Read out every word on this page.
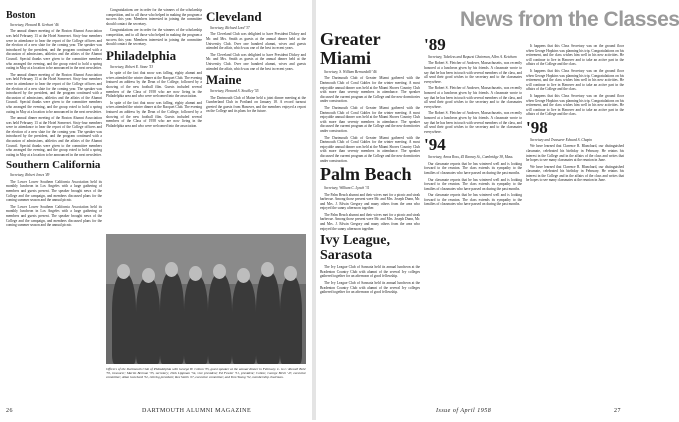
Boston

Secretary, Howard B. Gerhart '46

The annual dinner meeting of the Boston Alumni Association was held February 13 at the Hotel Somerset. Sixty-four members were in attendance to hear the report of the College officers and the election of a new slate for the coming year. The speaker was introduced by the president, and the program continued with a discussion of admissions, athletics and the affairs of the Alumni Council. Special thanks were given to the committee members who arranged the evening, and the group voted to hold a spring outing in May at a location to be announced in the next newsletter.

The annual dinner meeting of the Boston Alumni Association was held February 13 at the Hotel Somerset. Sixty-four members were in attendance to hear the report of the College officers and the election of a new slate for the coming year. The speaker was introduced by the president, and the program continued with a discussion of admissions, athletics and the affairs of the Alumni Council. Special thanks were given to the committee members who arranged the evening, and the group voted to hold a spring outing in May at a location to be announced in the next newsletter.

The annual dinner meeting of the Boston Alumni Association was held February 13 at the Hotel Somerset. Sixty-four members were in attendance to hear the report of the College officers and the election of a new slate for the coming year. The speaker was introduced by the president, and the program continued with a discussion of admissions, athletics and the affairs of the Alumni Council. Special thanks were given to the committee members who arranged the evening, and the group voted to hold a spring outing in May at a location to be announced in the next newsletter.

Southern California

Secretary, Robert Jones '49

The Lower Lower Southern California Association held its monthly luncheon in Los Angeles with a large gathering of members and guests present. The speaker brought news of the College and the campaign, and members discussed plans for the coming summer season and the annual picnic.

The Lower Lower Southern California Association held its monthly luncheon in Los Angeles with a large gathering of members and guests present. The speaker brought news of the College and the campaign, and members discussed plans for the coming summer season and the annual picnic.

Congratulations are in order for the winners of the scholarship competition, and to all those who helped in making the program a success this year. Members interested in joining the committee should contact the secretary.

Congratulations are in order for the winners of the scholarship competition, and to all those who helped in making the program a success this year. Members interested in joining the committee should contact the secretary.

Philadelphia

Secretary, Robert E. Stone '53

In spite of the fact that snow was falling, eighty alumni and wives attended the winter dinner at the Racquet Club. The evening featured an address by the Dean of the College, followed by a showing of the new football film. Guests included several members of the Class of 1958 who are now living in the Philadelphia area and who were welcomed into the association.

In spite of the fact that snow was falling, eighty alumni and wives attended the winter dinner at the Racquet Club. The evening featured an address by the Dean of the College, followed by a showing of the new football film. Guests included several members of the Class of 1958 who are now living in the Philadelphia area and who were welcomed into the association.

Cleveland

Secretary, Richard Lord '37

The Cleveland Club was delighted to have President Dickey and Mr. and Mrs. Smith as guests at the annual dinner held at the University Club. Over one hundred alumni, wives and guests attended the affair, which was one of the best in recent years.

The Cleveland Club was delighted to have President Dickey and Mr. and Mrs. Smith as guests at the annual dinner held at the University Club. Over one hundred alumni, wives and guests attended the affair, which was one of the best in recent years.

Maine

Secretary, Howard S. Stockley '55

The Dartmouth Club of Maine held a joint dinner meeting at the Cumberland Club in Portland on January 18. A record turnout greeted the guests from Hanover, and the members enjoyed a report on the College and its plans for the future.

Officers of the Dartmouth Club of Philadelphia with George H. Colton '35, guest speaker at the annual dinner in February. L. to r.: Russell Bohr '55, treasurer; Martin Berman '35, secretary; Dick Lippman '54, vice president; Ed Fowler '51, president; Colton; George Birch '47, executive committee; Allan Gutchard '52, retiring president; Rex Smith '27, executive committee; and Tom Young '52, membership chairman.
26	DARTMOUTH ALUMNI MAGAZINE
Greater Miami

Secretary, S. William Bernardelli '46

The Dartmouth Club of Greater Miami gathered with the Dartmouth Club of Coral Gables for the winter meeting. A most enjoyable annual dinner was held at the Miami Shores Country Club with more than seventy members in attendance. The speaker discussed the current program at the College and the new dormitories under construction.

The Dartmouth Club of Greater Miami gathered with the Dartmouth Club of Coral Gables for the winter meeting. A most enjoyable annual dinner was held at the Miami Shores Country Club with more than seventy members in attendance. The speaker discussed the current program at the College and the new dormitories under construction.

The Dartmouth Club of Greater Miami gathered with the Dartmouth Club of Coral Gables for the winter meeting. A most enjoyable annual dinner was held at the Miami Shores Country Club with more than seventy members in attendance. The speaker discussed the current program at the College and the new dormitories under construction.

Palm Beach

Secretary, William C. Lynch '31

The Palm Beach alumni and their wives met for a picnic and steak barbecue. Among those present were Mr. and Mrs. Joseph Dunn, Mr. and Mrs. J. Edwin Gregory and many others from the area who enjoyed the sunny afternoon together.

The Palm Beach alumni and their wives met for a picnic and steak barbecue. Among those present were Mr. and Mrs. Joseph Dunn, Mr. and Mrs. J. Edwin Gregory and many others from the area who enjoyed the sunny afternoon together.

Ivy League, Sarasota

The Ivy League Club of Sarasota held its annual luncheon at the Bradenton Country Club with alumni of the several Ivy colleges gathered together for an afternoon of good fellowship.

The Ivy League Club of Sarasota held its annual luncheon at the Bradenton Country Club with alumni of the several Ivy colleges gathered together for an afternoon of good fellowship.

'89

Secretary, Tubeless and Bequest Chairman, Allen A. Ketcham

The Robert S. Fletcher of Andover, Massachusetts, was recently honored at a luncheon given by his friends. A classmate wrote to say that he has been in touch with several members of the class, and all send their good wishes to the secretary and to the classmates everywhere.

The Robert S. Fletcher of Andover, Massachusetts, was recently honored at a luncheon given by his friends. A classmate wrote to say that he has been in touch with several members of the class, and all send their good wishes to the secretary and to the classmates everywhere.

The Robert S. Fletcher of Andover, Massachusetts, was recently honored at a luncheon given by his friends. A classmate wrote to say that he has been in touch with several members of the class, and all send their good wishes to the secretary and to the classmates everywhere.

'94

Secretary, Amos Ross, 45 Ranney St., Cambridge 38, Mass.

Our classmate reports that he has wintered well and is looking forward to the reunion. The class extends its sympathy to the families of classmates who have passed on during the past months.

Our classmate reports that he has wintered well and is looking forward to the reunion. The class extends its sympathy to the families of classmates who have passed on during the past months.

Our classmate reports that he has wintered well and is looking forward to the reunion. The class extends its sympathy to the families of classmates who have passed on during the past months.

It happens that this Class Secretary was on the ground floor when George Hopkins was planning his trip. Congratulations on his retirement, and the class wishes him well in his new activities. He will continue to live in Hanover and to take an active part in the affairs of the College and the class.

It happens that this Class Secretary was on the ground floor when George Hopkins was planning his trip. Congratulations on his retirement, and the class wishes him well in his new activities. He will continue to live in Hanover and to take an active part in the affairs of the College and the class.

It happens that this Class Secretary was on the ground floor when George Hopkins was planning his trip. Congratulations on his retirement, and the class wishes him well in his new activities. He will continue to live in Hanover and to take an active part in the affairs of the College and the class.

'98

Secretary and Treasurer Edward S. Chapin

We have learned that Clarence R. Blanchard, our distinguished classmate, celebrated his birthday in February. He retains his interest in the College and in the affairs of the class and writes that he hopes to see many classmates at the reunion in June.

We have learned that Clarence R. Blanchard, our distinguished classmate, celebrated his birthday in February. He retains his interest in the College and in the affairs of the class and writes that he hopes to see many classmates at the reunion in June.

Issue of April 1958	27
News from the Classes
